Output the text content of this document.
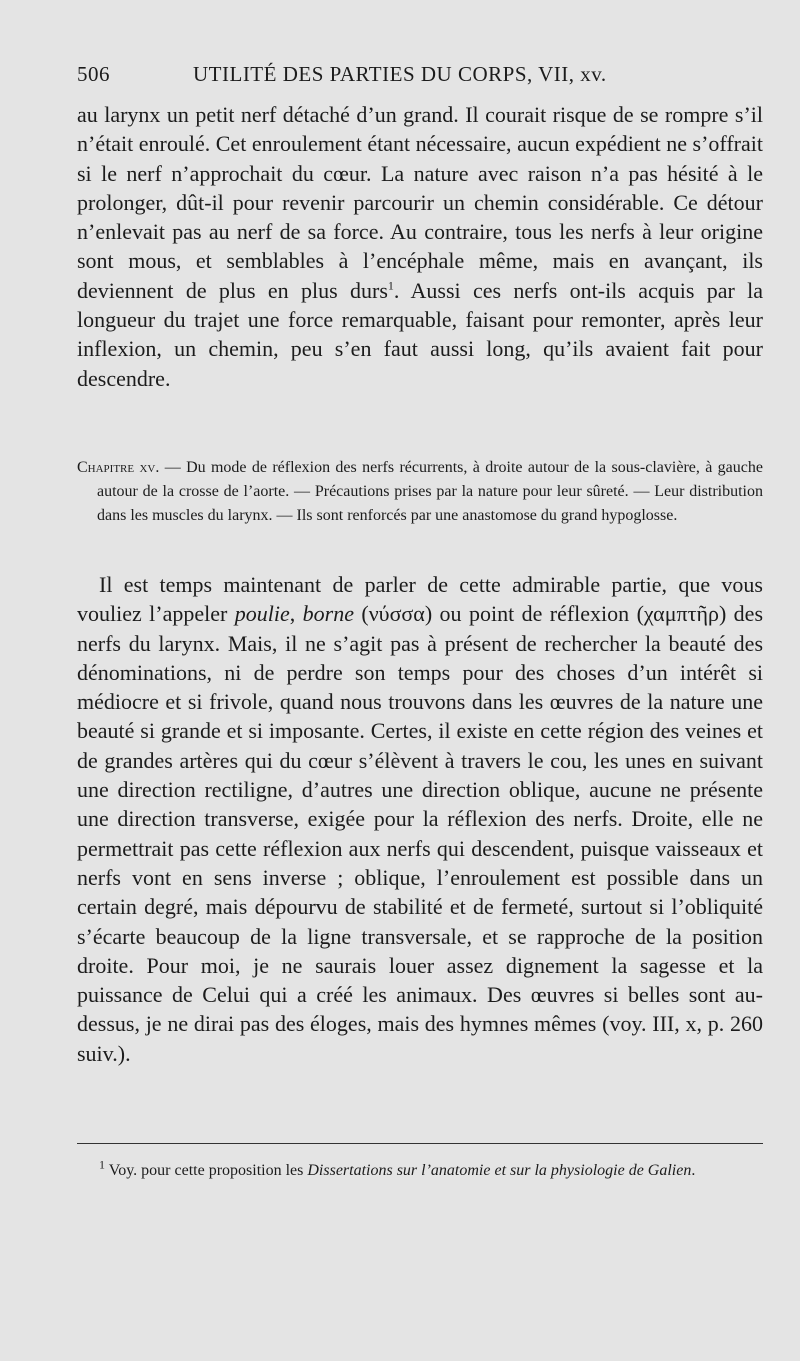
506	UTILITÉ DES PARTIES DU CORPS, VII, xv.

au larynx un petit nerf détaché d’un grand. Il courait risque de se rompre s’il n’était enroulé. Cet enroulement étant nécessaire, aucun expédient ne s’offrait si le nerf n’approchait du cœur. La nature avec raison n’a pas hésité à le prolonger, dût-il pour revenir parcourir un chemin considérable. Ce détour n’enlevait pas au nerf de sa force. Au contraire, tous les nerfs à leur origine sont mous, et semblables à l’encéphale même, mais en avançant, ils deviennent de plus en plus durs$^1$. Aussi ces nerfs ont-ils acquis par la longueur du trajet une force remarquable, faisant pour remonter, après leur inflexion, un chemin, peu s’en faut aussi long, qu’ils avaient fait pour descendre.

Chapitre xv. — Du mode de réflexion des nerfs récurrents, à droite autour de la sous-clavière, à gauche autour de la crosse de l’aorte. — Précautions prises par la nature pour leur sûreté. — Leur distribution dans les muscles du larynx. — Ils sont renforcés par une anastomose du grand hypoglosse.

Il est temps maintenant de parler de cette admirable partie, que vous vouliez l’appeler poulie, borne (νύσσα) ou point de réflexion (χαμπτῆρ) des nerfs du larynx. Mais, il ne s’agit pas à présent de rechercher la beauté des dénominations, ni de perdre son temps pour des choses d’un intérêt si médiocre et si frivole, quand nous trouvons dans les œuvres de la nature une beauté si grande et si imposante. Certes, il existe en cette région des veines et de grandes artères qui du cœur s’élèvent à travers le cou, les unes en suivant une direction rectiligne, d’autres une direction oblique, aucune ne présente une direction transverse, exigée pour la réflexion des nerfs. Droite, elle ne permettrait pas cette réflexion aux nerfs qui descendent, puisque vaisseaux et nerfs vont en sens inverse ; oblique, l’enroulement est possible dans un certain degré, mais dépourvu de stabilité et de fermeté, surtout si l’obliquité s’écarte beaucoup de la ligne transversale, et se rapproche de la position droite. Pour moi, je ne saurais louer assez dignement la sagesse et la puissance de Celui qui a créé les animaux. Des œuvres si belles sont au-dessus, je ne dirai pas des éloges, mais des hymnes mêmes (voy. III, x, p. 260 suiv.).

$^1$ Voy. pour cette proposition les Dissertations sur l’anatomie et sur la physiologie de Galien.
